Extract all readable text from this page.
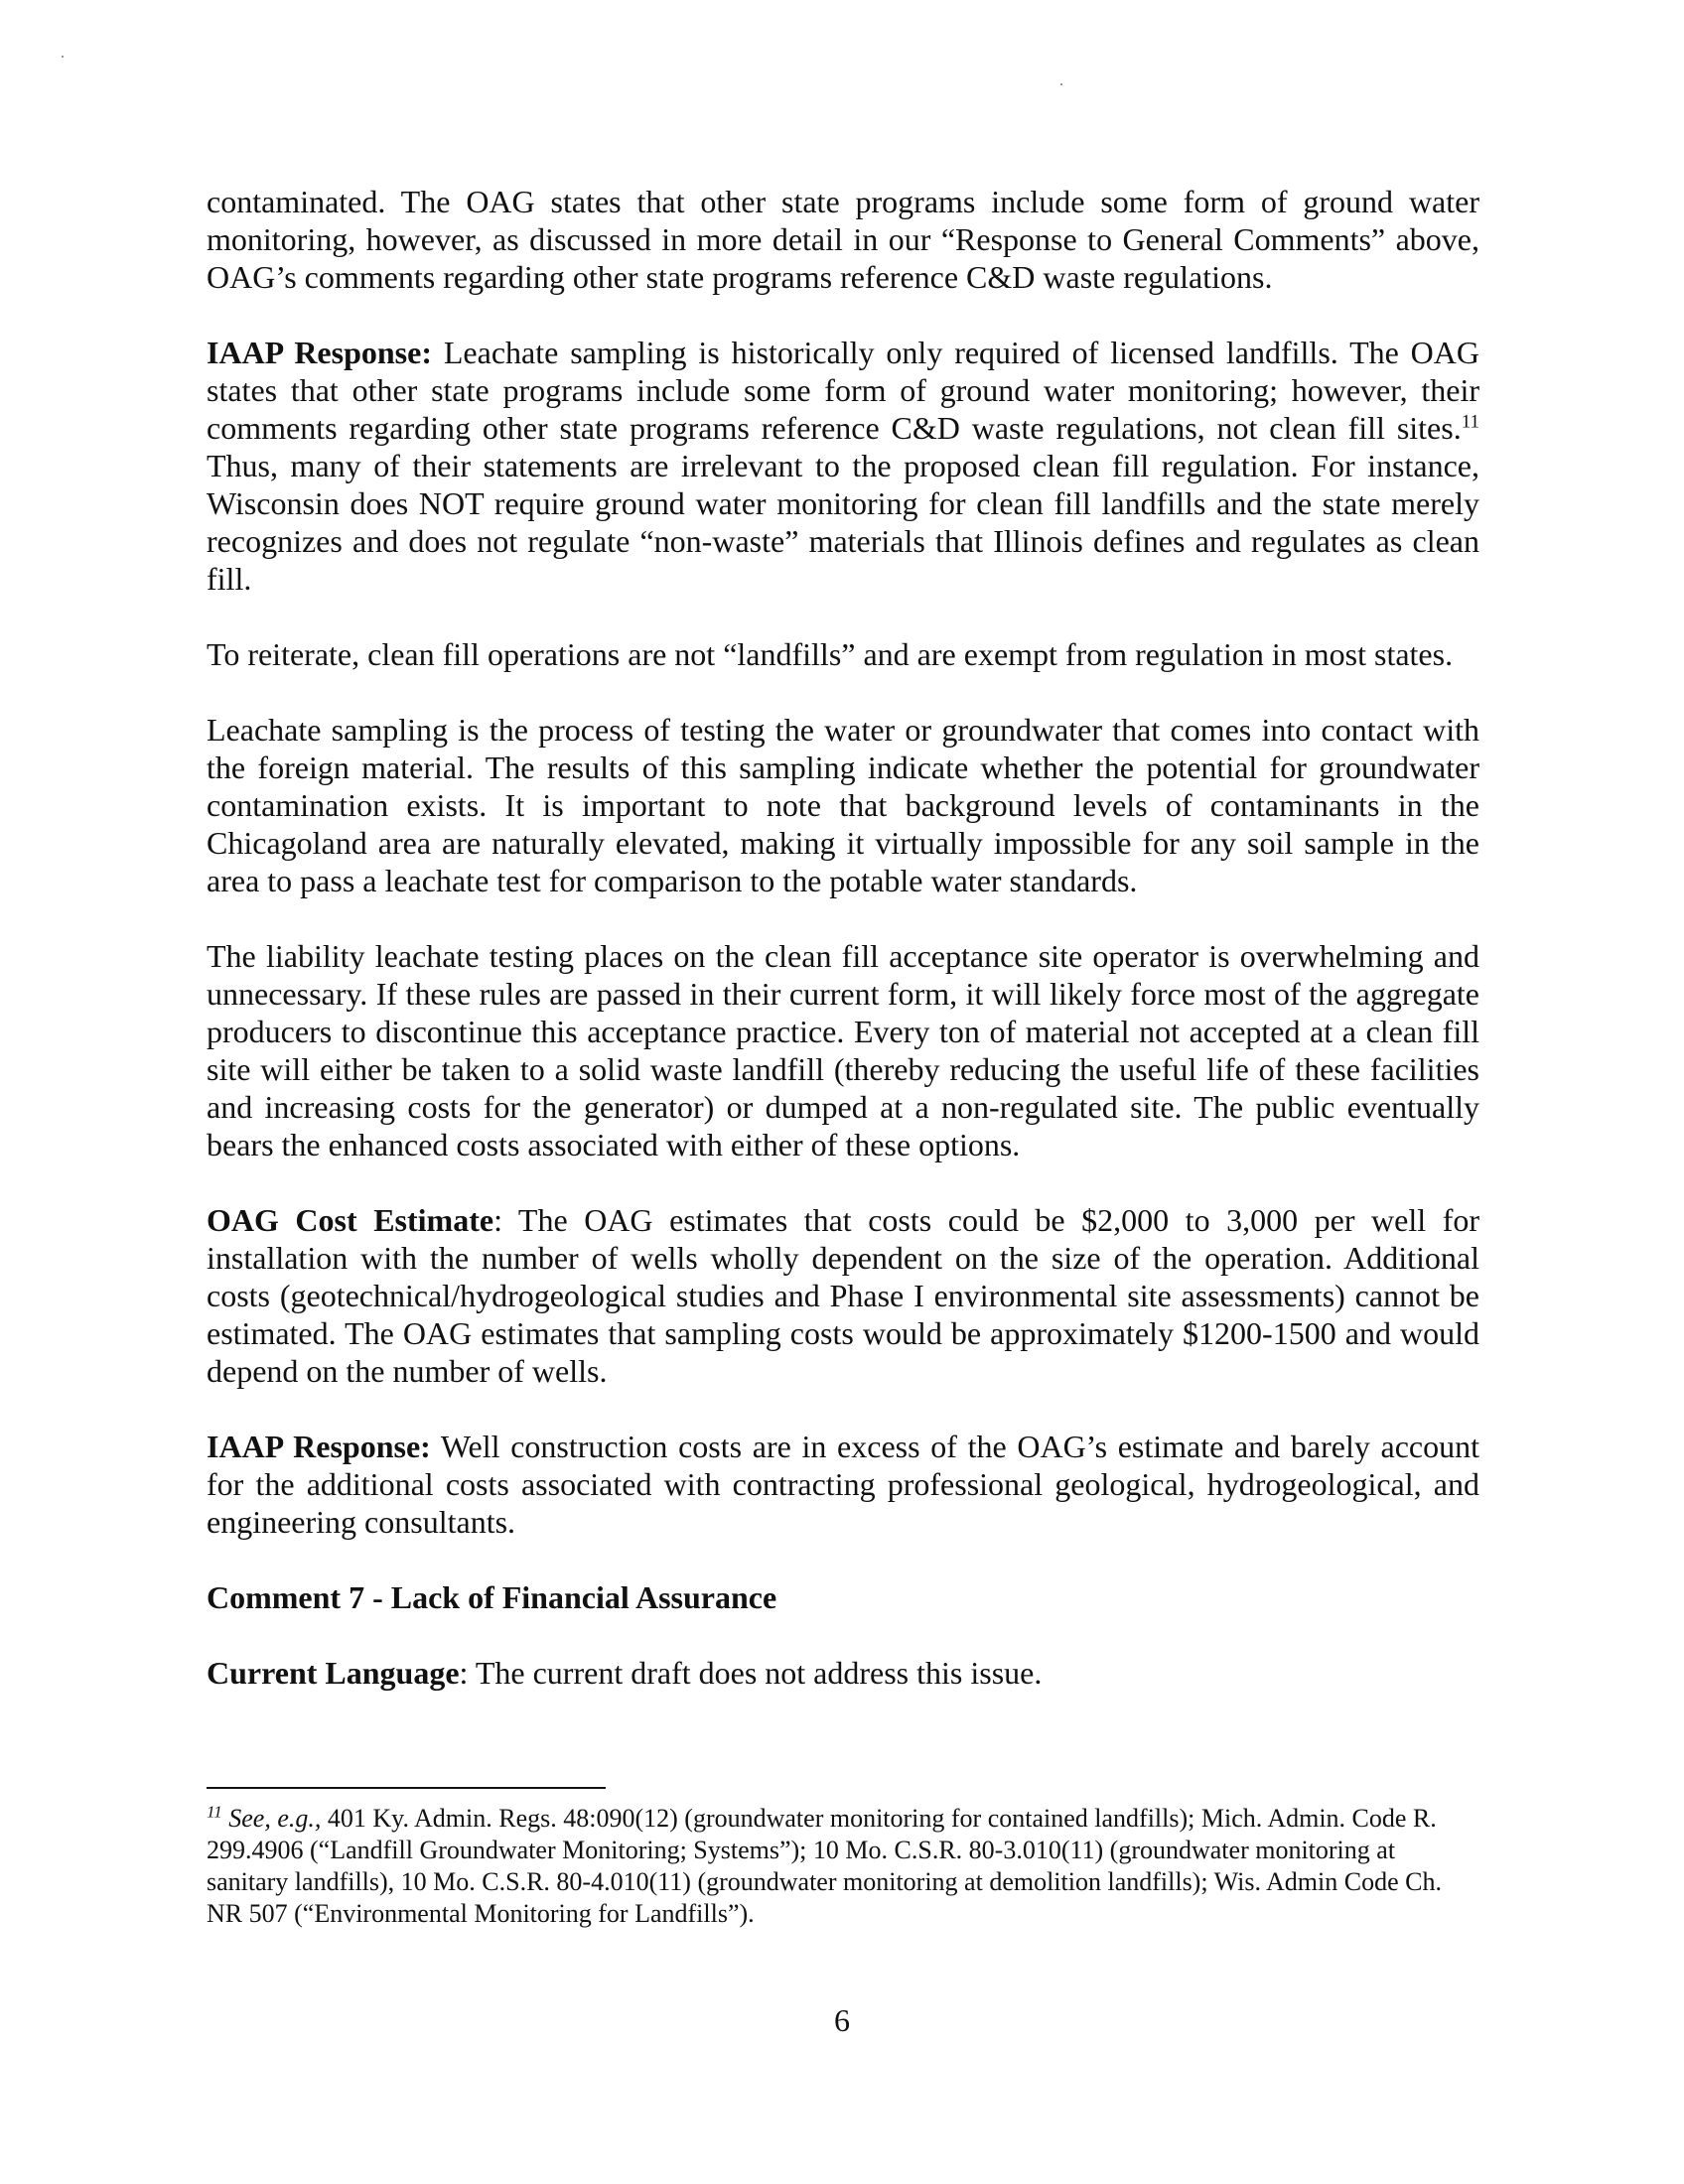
contaminated. The OAG states that other state programs include some form of ground water monitoring, however, as discussed in more detail in our “Response to General Comments” above, OAG’s comments regarding other state programs reference C&D waste regulations.

IAAP Response: Leachate sampling is historically only required of licensed landfills. The OAG states that other state programs include some form of ground water monitoring; however, their comments regarding other state programs reference C&D waste regulations, not clean fill sites.$^{11}$ Thus, many of their statements are irrelevant to the proposed clean fill regulation. For instance, Wisconsin does NOT require ground water monitoring for clean fill landfills and the state merely recognizes and does not regulate “non-waste” materials that Illinois defines and regulates as clean fill.

To reiterate, clean fill operations are not “landfills” and are exempt from regulation in most states.

Leachate sampling is the process of testing the water or groundwater that comes into contact with the foreign material. The results of this sampling indicate whether the potential for groundwater contamination exists. It is important to note that background levels of contaminants in the Chicagoland area are naturally elevated, making it virtually impossible for any soil sample in the area to pass a leachate test for comparison to the potable water standards.

The liability leachate testing places on the clean fill acceptance site operator is overwhelming and unnecessary. If these rules are passed in their current form, it will likely force most of the aggregate producers to discontinue this acceptance practice. Every ton of material not accepted at a clean fill site will either be taken to a solid waste landfill (thereby reducing the useful life of these facilities and increasing costs for the generator) or dumped at a non-regulated site. The public eventually bears the enhanced costs associated with either of these options.

OAG Cost Estimate: The OAG estimates that costs could be $2,000 to 3,000 per well for installation with the number of wells wholly dependent on the size of the operation. Additional costs (geotechnical/hydrogeological studies and Phase I environmental site assessments) cannot be estimated. The OAG estimates that sampling costs would be approximately $1200-1500 and would depend on the number of wells.

IAAP Response: Well construction costs are in excess of the OAG’s estimate and barely account for the additional costs associated with contracting professional geological, hydrogeological, and engineering consultants.

Comment 7 - Lack of Financial Assurance

Current Language: The current draft does not address this issue.

$^{11}$ See, e.g., 401 Ky. Admin. Regs. 48:090(12) (groundwater monitoring for contained landfills); Mich. Admin. Code R. 299.4906 (“Landfill Groundwater Monitoring; Systems”); 10 Mo. C.S.R. 80-3.010(11) (groundwater monitoring at sanitary landfills), 10 Mo. C.S.R. 80-4.010(11) (groundwater monitoring at demolition landfills); Wis. Admin Code Ch. NR 507 (“Environmental Monitoring for Landfills”).
6
